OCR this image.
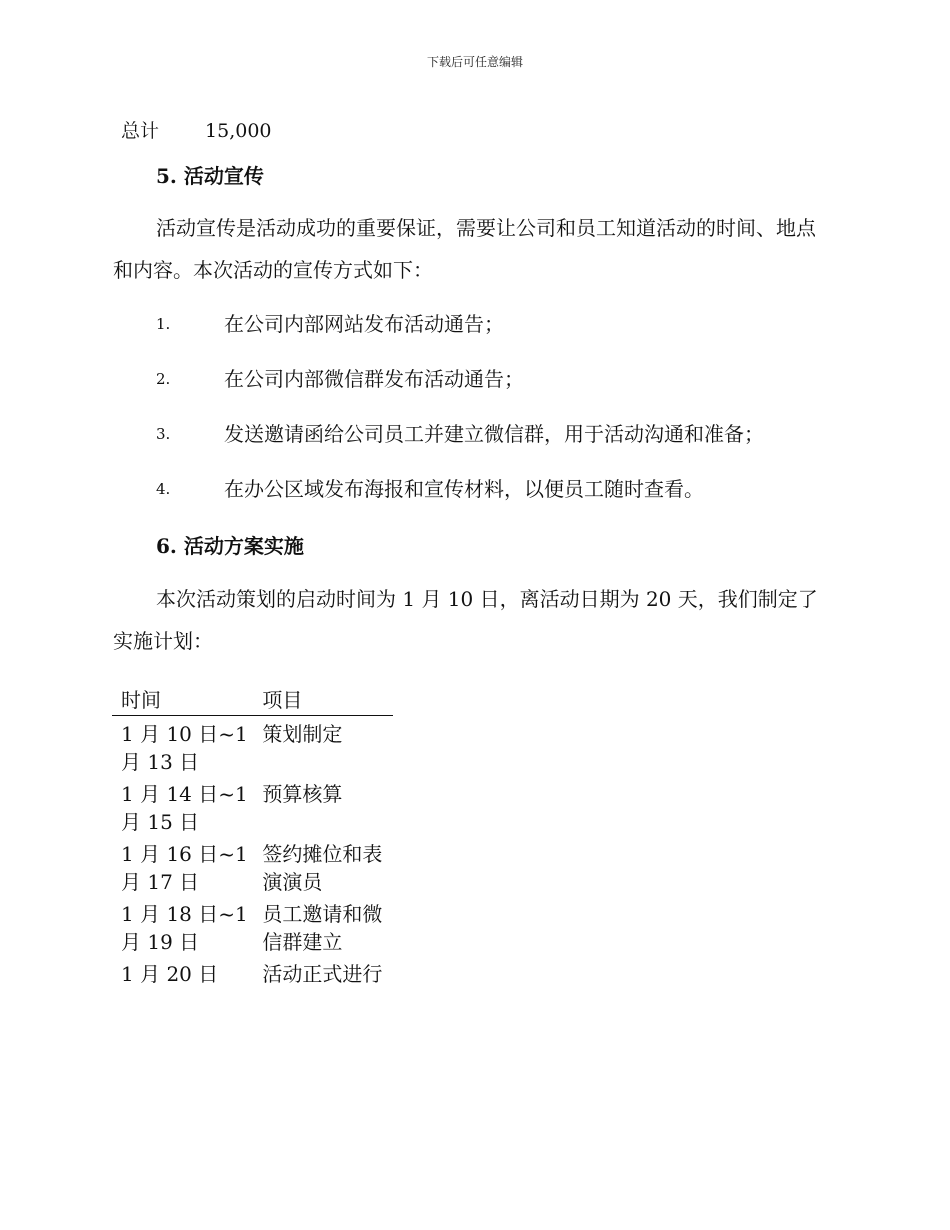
下载后可任意编辑
总计 15,000
5. 活动宣传
活动宣传是活动成功的重要保证，需要让公司和员工知道活动的时间、地点和内容。本次活动的宣传方式如下：
1.	在公司内部网站发布活动通告；
2.	在公司内部微信群发布活动通告；
3.	发送邀请函给公司员工并建立微信群，用于活动沟通和准备；
4.	在办公区域发布海报和宣传材料，以便员工随时查看。
6. 活动方案实施
本次活动策划的启动时间为 1 月 10 日，离活动日期为 20 天，我们制定了实施计划：
时间	项目
1 月 10 日~1 月 13 日	策划制定
1 月 14 日~1 月 15 日	预算核算
1 月 16 日~1 月 17 日	签约摊位和表演演员
1 月 18 日~1 月 19 日	员工邀请和微信群建立
1 月 20 日	活动正式进行
